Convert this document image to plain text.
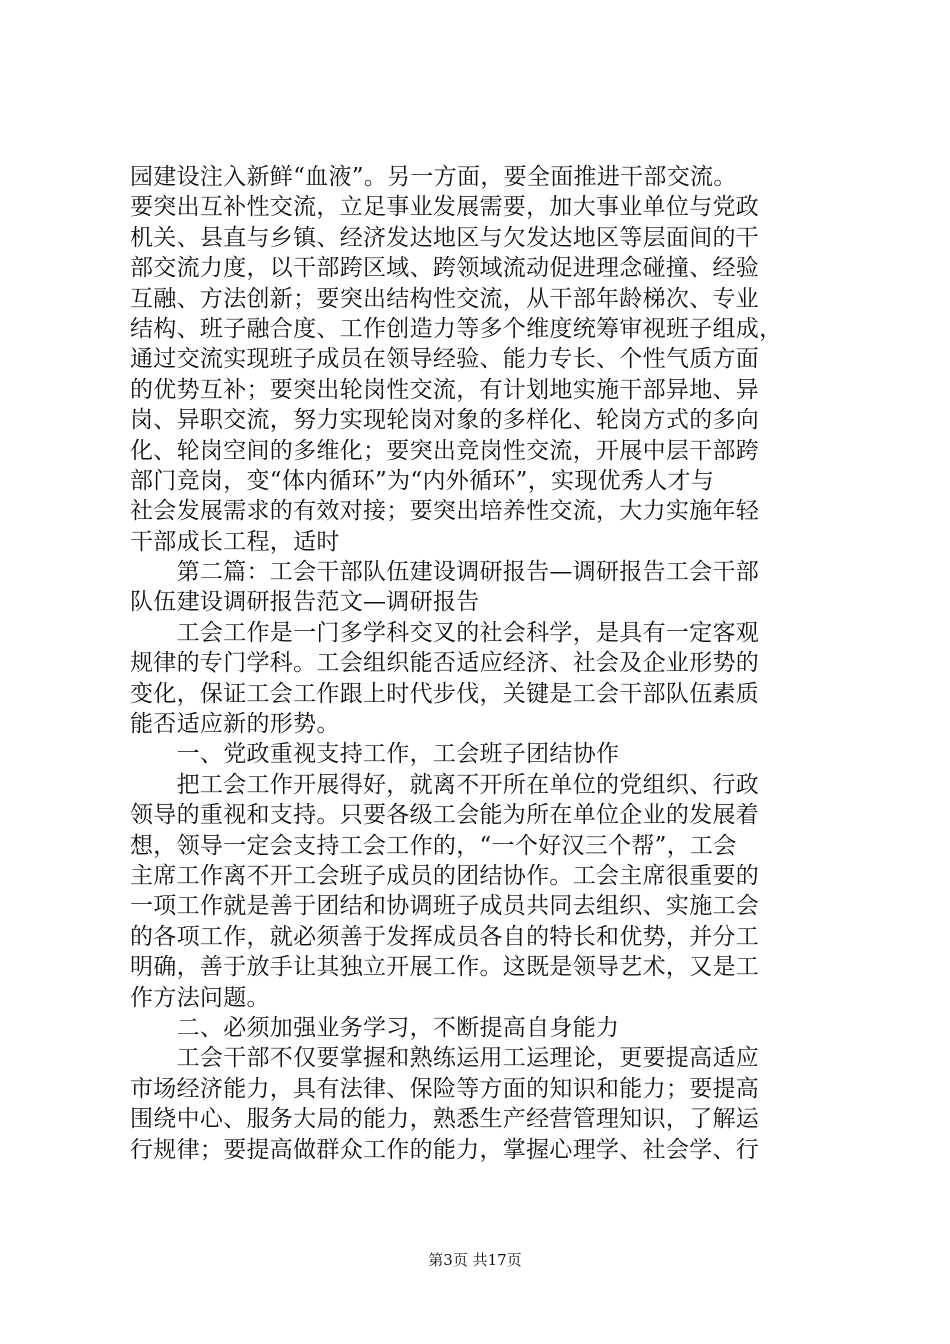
园建设注入新鲜“血液”。另一方面，要全面推进干部交流。
要突出互补性交流，立足事业发展需要，加大事业单位与党政
机关、县直与乡镇、经济发达地区与欠发达地区等层面间的干
部交流力度，以干部跨区域、跨领域流动促进理念碰撞、经验
互融、方法创新；要突出结构性交流，从干部年龄梯次、专业
结构、班子融合度、工作创造力等多个维度统筹审视班子组成，
通过交流实现班子成员在领导经验、能力专长、个性气质方面
的优势互补；要突出轮岗性交流，有计划地实施干部异地、异
岗、异职交流，努力实现轮岗对象的多样化、轮岗方式的多向
化、轮岗空间的多维化；要突出竞岗性交流，开展中层干部跨
部门竞岗，变“体内循环”为“内外循环”，实现优秀人才与
社会发展需求的有效对接；要突出培养性交流，大力实施年轻
干部成长工程，适时
　　第二篇：工会干部队伍建设调研报告—调研报告工会干部
队伍建设调研报告范文—调研报告
　　工会工作是一门多学科交叉的社会科学，是具有一定客观
规律的专门学科。工会组织能否适应经济、社会及企业形势的
变化，保证工会工作跟上时代步伐，关键是工会干部队伍素质
能否适应新的形势。
　　一、党政重视支持工作，工会班子团结协作
　　把工会工作开展得好，就离不开所在单位的党组织、行政
领导的重视和支持。只要各级工会能为所在单位企业的发展着
想，领导一定会支持工会工作的，“一个好汉三个帮”，工会
主席工作离不开工会班子成员的团结协作。工会主席很重要的
一项工作就是善于团结和协调班子成员共同去组织、实施工会
的各项工作，就必须善于发挥成员各自的特长和优势，并分工
明确，善于放手让其独立开展工作。这既是领导艺术，又是工
作方法问题。
　　二、必须加强业务学习，不断提高自身能力
　　工会干部不仅要掌握和熟练运用工运理论，更要提高适应
市场经济能力，具有法律、保险等方面的知识和能力；要提高
围绕中心、服务大局的能力，熟悉生产经营管理知识，了解运
行规律；要提高做群众工作的能力，掌握心理学、社会学、行
第3页 共17页
